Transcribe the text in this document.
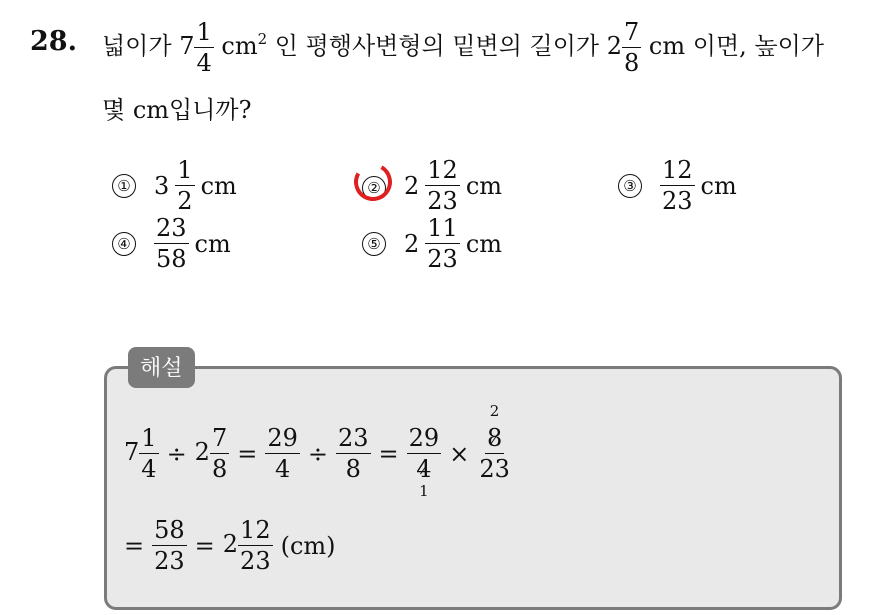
28. 넓이가 $7 \frac{1}{4} cm^2$ 인 평행사변형의 밑변의 길이가 $2 \frac{7}{8}$ cm 이면, 높이가
몇 cm입니까?
① $3 \frac{1}{2}$ cm	② $2 \frac{12}{23}$ cm	③ $\frac{12}{23}$ cm
④ $\frac{23}{58}$ cm	⑤ $2 \frac{11}{23}$ cm
해설
$7 \frac{1}{4} \div 2 \frac{7}{8} = \frac{29}{4} \div \frac{23}{8} = \frac{29}{4}$
1
×
2
$\frac{8}{23}$
= $\frac{58}{23} = 2 \frac{12}{23} (cm)$
